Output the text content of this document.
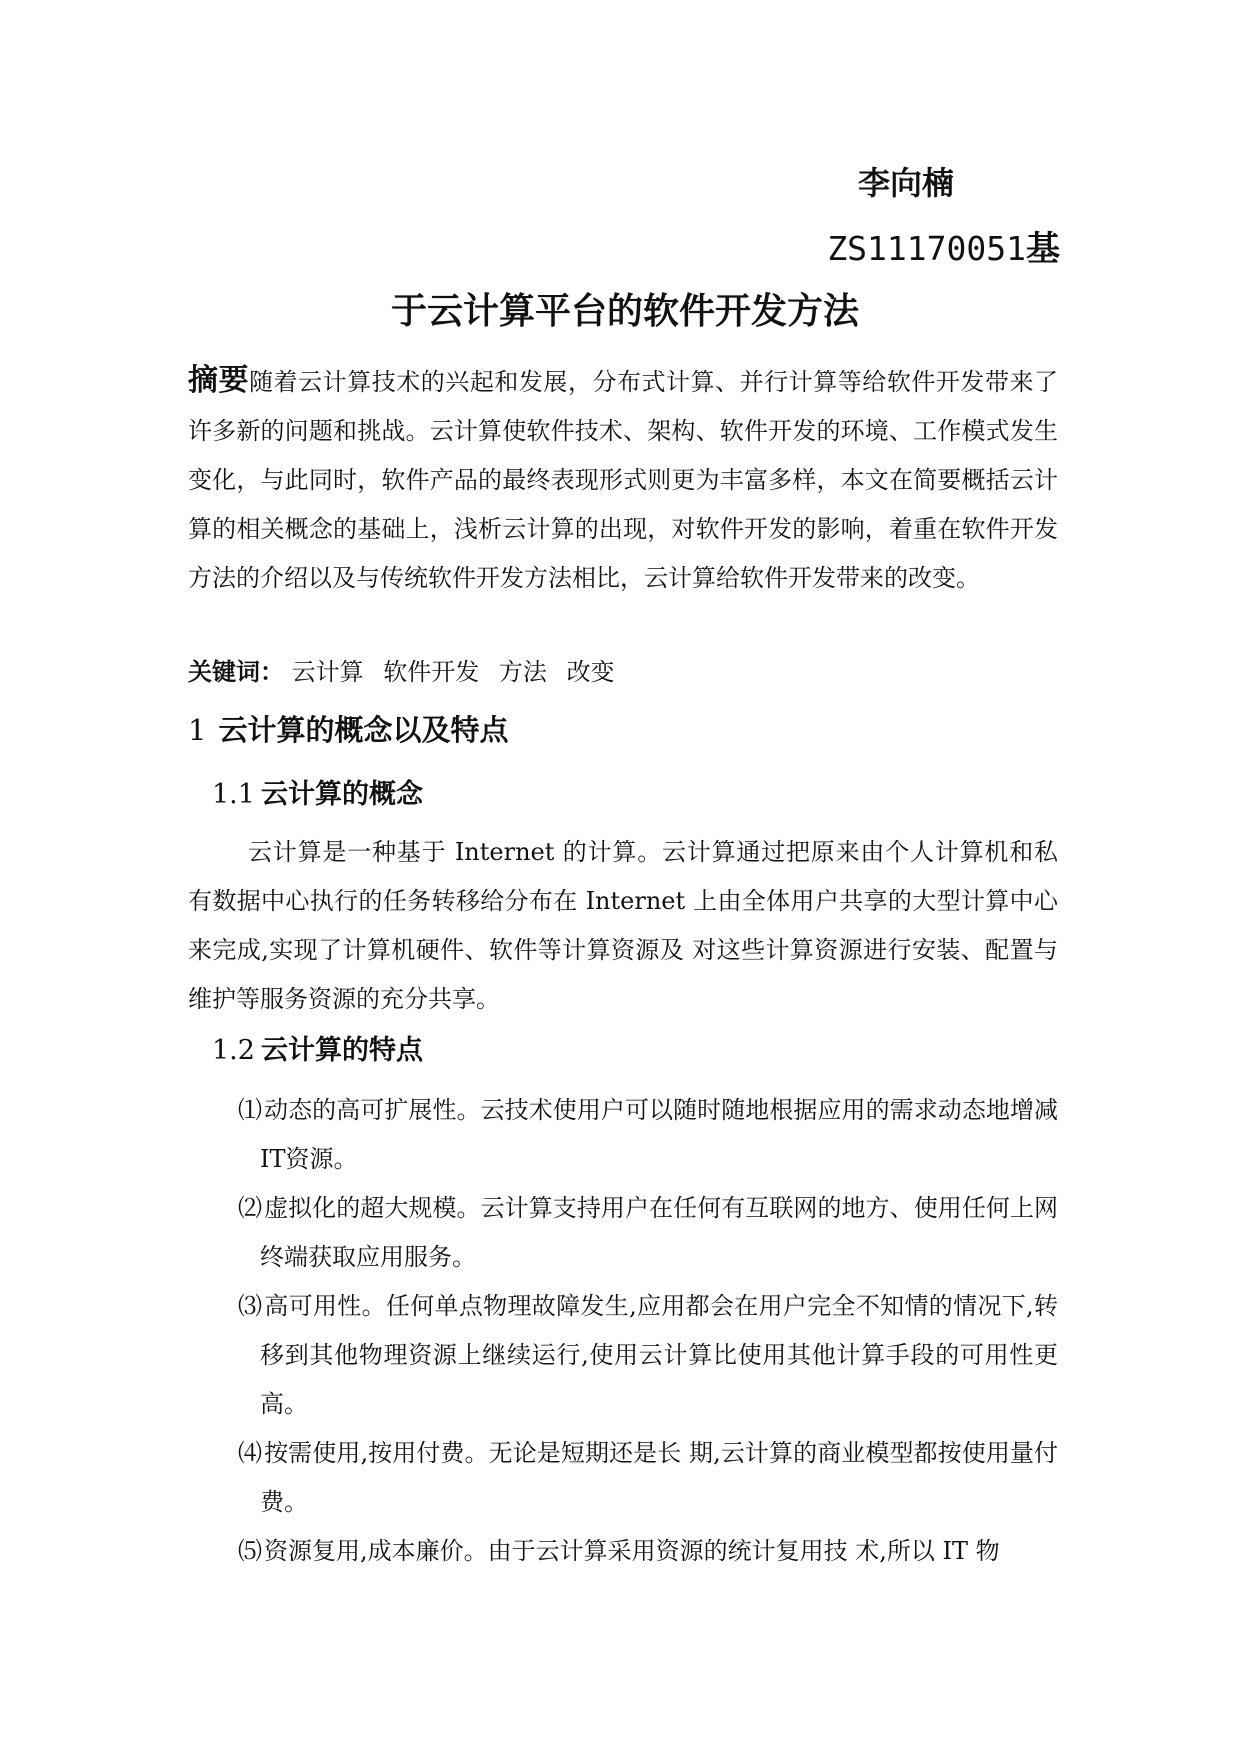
李向楠
ZS11170051基
于云计算平台的软件开发方法
摘要随着云计算技术的兴起和发展，分布式计算、并行计算等给软件开发带来了许多新的问题和挑战。云计算使软件技术、架构、软件开发的环境、工作模式发生变化，与此同时，软件产品的最终表现形式则更为丰富多样，本文在简要概括云计算的相关概念的基础上，浅析云计算的出现，对软件开发的影响，着重在软件开发方法的介绍以及与传统软件开发方法相比，云计算给软件开发带来的改变。
关键词： 云计算 软件开发 方法 改变
1 云计算的概念以及特点
1.1 云计算的概念
云计算是一种基于 Internet 的计算。云计算通过把原来由个人计算机和私有数据中心执行的任务转移给分布在 Internet 上由全体用户共享的大型计算中心来完成,实现了计算机硬件、软件等计算资源及 对这些计算资源进行安装、配置与维护等服务资源的充分共享。
1.2 云计算的特点
⑴动态的高可扩展性。云技术使用户可以随时随地根据应用的需求动态地增减IT资源。
⑵虚拟化的超大规模。云计算支持用户在任何有互联网的地方、使用任何上网终端获取应用服务。
⑶高可用性。任何单点物理故障发生,应用都会在用户完全不知情的情况下,转移到其他物理资源上继续运行,使用云计算比使用其他计算手段的可用性更高。
⑷按需使用,按用付费。无论是短期还是长 期,云计算的商业模型都按使用量付费。
⑸资源复用,成本廉价。由于云计算采用资源的统计复用技 术,所以 IT 物
